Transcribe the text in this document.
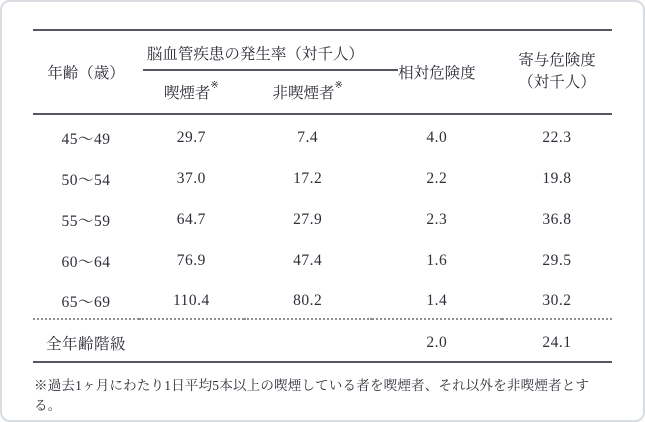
年齢（歳）	脳血管疾患の発生率（対千人）		相対危険度	寄与危険度
（対千人）

	喫煙者※	非喫煙者※
45～49	29.7	7.4	4.0	22.3
50～54	37.0	17.2	2.2	19.8
55～59	64.7	27.9	2.3	36.8
60～64	76.9	47.4	1.6	29.5
65～69	110.4	80.2	1.4	30.2
全年齢階級			2.0	24.1

※過去1ヶ月にわたり1日平均5本以上の喫煙している者を喫煙者、それ以外を非喫煙者とする。
